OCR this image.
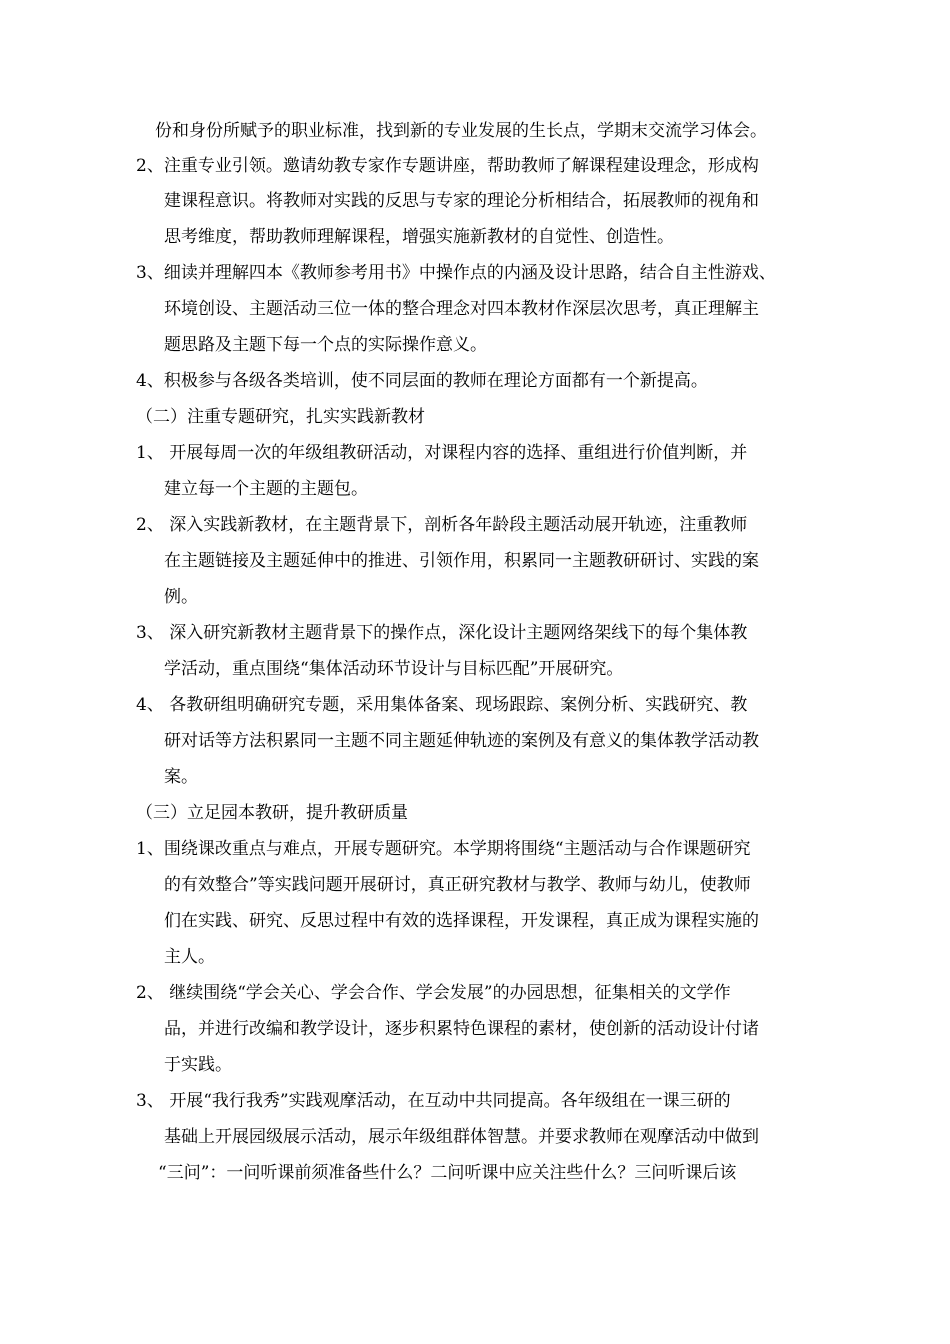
份和身份所赋予的职业标准，找到新的专业发展的生长点，学期末交流学习体会。
2、注重专业引领。邀请幼教专家作专题讲座，帮助教师了解课程建设理念，形成构
建课程意识。将教师对实践的反思与专家的理论分析相结合，拓展教师的视角和
思考维度，帮助教师理解课程，增强实施新教材的自觉性、创造性。
3、细读并理解四本《教师参考用书》中操作点的内涵及设计思路，结合自主性游戏、
环境创设、主题活动三位一体的整合理念对四本教材作深层次思考，真正理解主
题思路及主题下每一个点的实际操作意义。
4、积极参与各级各类培训，使不同层面的教师在理论方面都有一个新提高。
（二）注重专题研究，扎实实践新教材
1、 开展每周一次的年级组教研活动，对课程内容的选择、重组进行价值判断，并
建立每一个主题的主题包。
2、 深入实践新教材，在主题背景下，剖析各年龄段主题活动展开轨迹，注重教师
在主题链接及主题延伸中的推进、引领作用，积累同一主题教研研讨、实践的案
例。
3、 深入研究新教材主题背景下的操作点，深化设计主题网络架线下的每个集体教
学活动，重点围绕“集体活动环节设计与目标匹配”开展研究。
4、 各教研组明确研究专题，采用集体备案、现场跟踪、案例分析、实践研究、教
研对话等方法积累同一主题不同主题延伸轨迹的案例及有意义的集体教学活动教
案。
（三）立足园本教研，提升教研质量
1、围绕课改重点与难点，开展专题研究。本学期将围绕“主题活动与合作课题研究
的有效整合”等实践问题开展研讨，真正研究教材与教学、教师与幼儿，使教师
们在实践、研究、反思过程中有效的选择课程，开发课程，真正成为课程实施的
主人。
2、 继续围绕“学会关心、学会合作、学会发展”的办园思想，征集相关的文学作
品，并进行改编和教学设计，逐步积累特色课程的素材，使创新的活动设计付诸
于实践。
3、 开展“我行我秀”实践观摩活动，在互动中共同提高。各年级组在一课三研的
基础上开展园级展示活动，展示年级组群体智慧。并要求教师在观摩活动中做到
“三问”：一问听课前须准备些什么？二问听课中应关注些什么？三问听课后该
